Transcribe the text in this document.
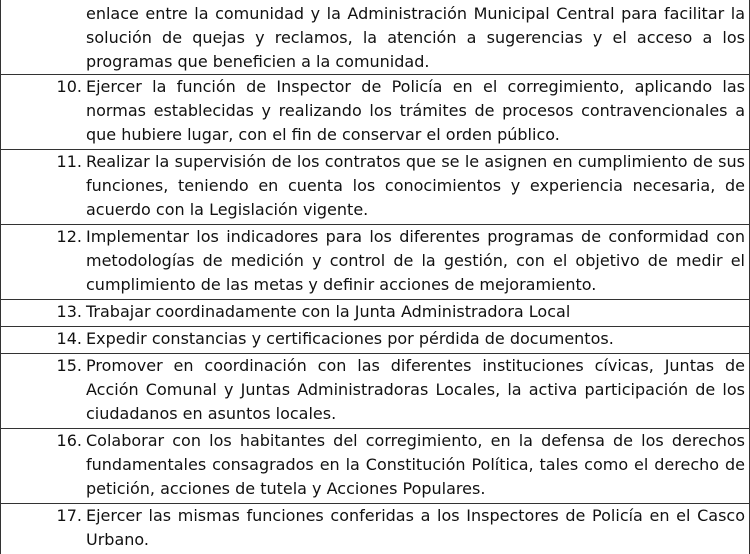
enlace entre la comunidad y la Administración Municipal Central para facilitar la solución de quejas y reclamos, la atención a sugerencias y el acceso a los programas que beneficien a la comunidad.
10. Ejercer la función de Inspector de Policía en el corregimiento, aplicando las normas establecidas y realizando los trámites de procesos contravencionales a que hubiere lugar, con el fin de conservar el orden público.
11. Realizar la supervisión de los contratos que se le asignen en cumplimiento de sus funciones, teniendo en cuenta los conocimientos y experiencia necesaria, de acuerdo con la Legislación vigente.
12. Implementar los indicadores para los diferentes programas de conformidad con metodologías de medición y control de la gestión, con el objetivo de medir el cumplimiento de las metas y definir acciones de mejoramiento.
13. Trabajar coordinadamente con la Junta Administradora Local
14. Expedir constancias y certificaciones por pérdida de documentos.
15. Promover en coordinación con las diferentes instituciones cívicas, Juntas de Acción Comunal y Juntas Administradoras Locales, la activa participación de los ciudadanos en asuntos locales.
16. Colaborar con los habitantes del corregimiento, en la defensa de los derechos fundamentales consagrados en la Constitución Política, tales como el derecho de petición, acciones de tutela y Acciones Populares.
17. Ejercer las mismas funciones conferidas a los Inspectores de Policía en el Casco Urbano.
